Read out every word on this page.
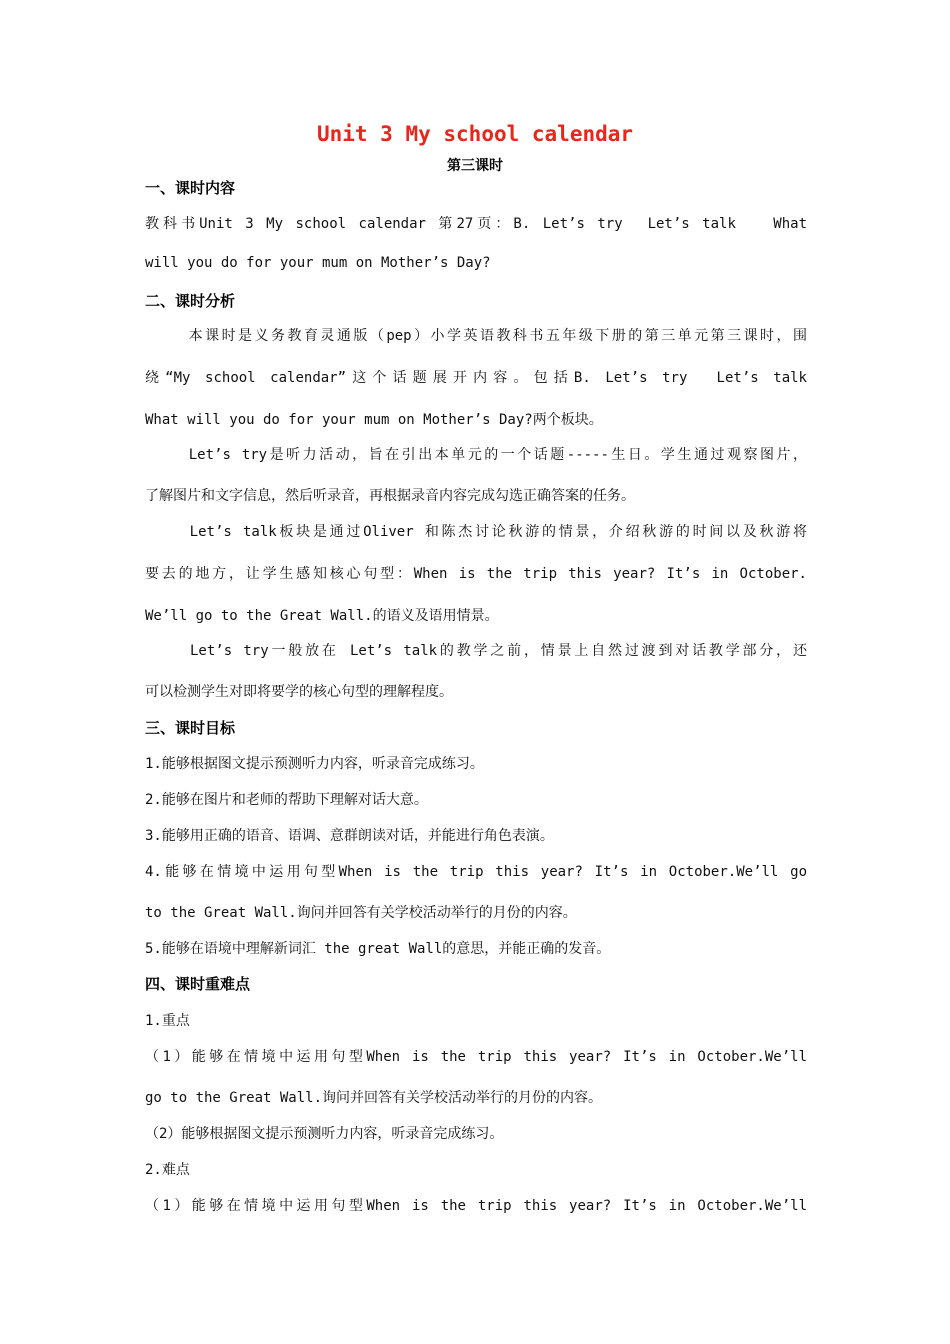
Unit 3 My school calendar
第三课时
一、课时内容
教科书Unit 3 My school calendar 第27页：B. Let’s try  Let’s talk   What
will you do for your mum on Mother’s Day?
二、课时分析
本课时是义务教育灵通版（pep）小学英语教科书五年级下册的第三单元第三课时，围
绕“My school calendar”这个话题展开内容。包括B. Let’s try  Let’s talk
What will you do for your mum on Mother’s Day?两个板块。
Let’s try是听力活动，旨在引出本单元的一个话题-----生日。学生通过观察图片，
了解图片和文字信息，然后听录音，再根据录音内容完成勾选正确答案的任务。
Let’s talk板块是通过Oliver 和陈杰讨论秋游的情景，介绍秋游的时间以及秋游将
要去的地方，让学生感知核心句型：When is the trip this year? It’s in October.
We’ll go to the Great Wall.的语义及语用情景。
Let’s try一般放在 Let’s talk的教学之前，情景上自然过渡到对话教学部分，还
可以检测学生对即将要学的核心句型的理解程度。
三、课时目标
1.能够根据图文提示预测听力内容，听录音完成练习。
2.能够在图片和老师的帮助下理解对话大意。
3.能够用正确的语音、语调、意群朗读对话，并能进行角色表演。
4.能够在情境中运用句型When is the trip this year? It’s in October.We’ll go
to the Great Wall.询问并回答有关学校活动举行的月份的内容。
5.能够在语境中理解新词汇 the great Wall的意思，并能正确的发音。
四、课时重难点
1.重点
（1）能够在情境中运用句型When is the trip this year? It’s in October.We’ll
go to the Great Wall.询问并回答有关学校活动举行的月份的内容。
（2）能够根据图文提示预测听力内容，听录音完成练习。
2.难点
（1）能够在情境中运用句型When is the trip this year? It’s in October.We’ll
